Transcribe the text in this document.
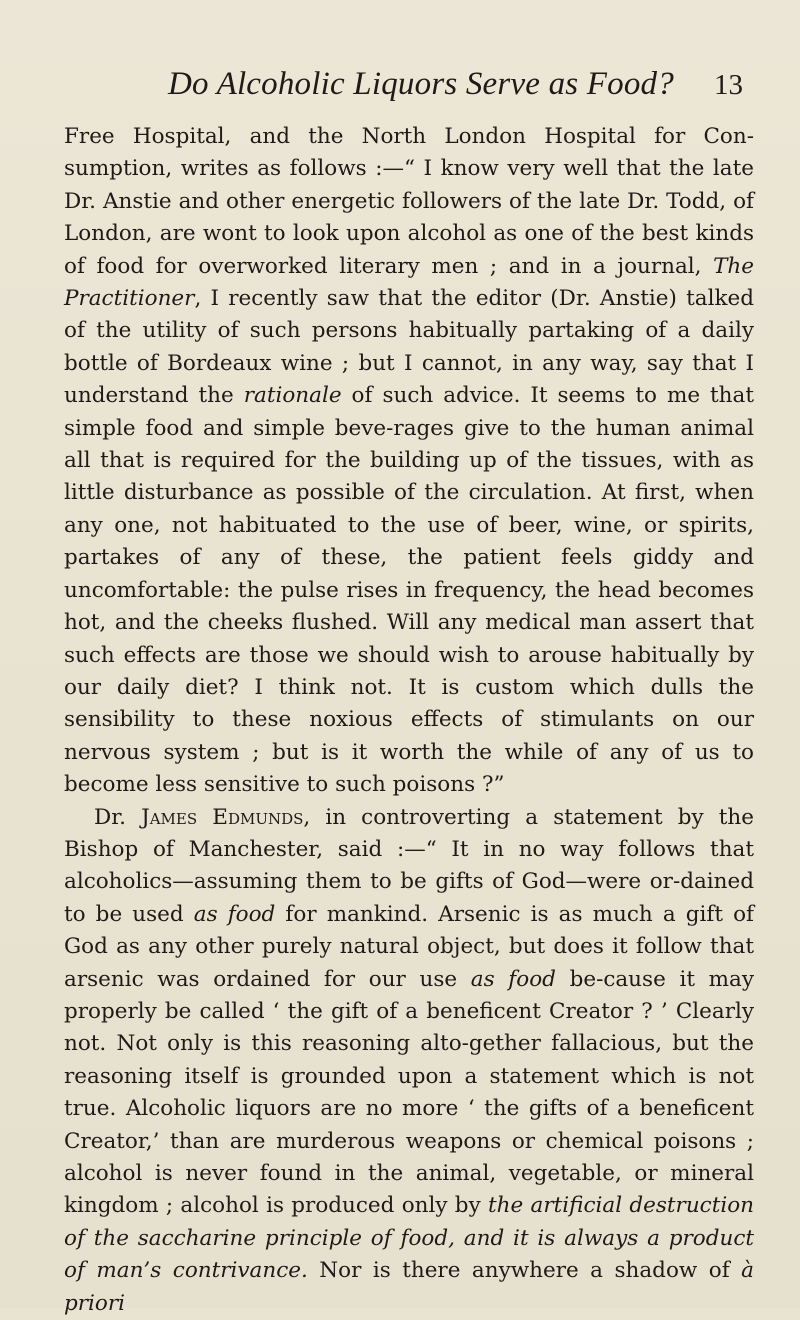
Do Alcoholic Liquors Serve as Food? 13

Free Hospital, and the North London Hospital for Con-sumption, writes as follows :—“ I know very well that the late Dr. Anstie and other energetic followers of the late Dr. Todd, of London, are wont to look upon alcohol as one of the best kinds of food for overworked literary men ; and in a journal, The Practitioner, I recently saw that the editor (Dr. Anstie) talked of the utility of such persons habitually partaking of a daily bottle of Bordeaux wine ; but I cannot, in any way, say that I understand the rationale of such advice. It seems to me that simple food and simple beve-rages give to the human animal all that is required for the building up of the tissues, with as little disturbance as possible of the circulation. At first, when any one, not habituated to the use of beer, wine, or spirits, partakes of any of these, the patient feels giddy and uncomfortable: the pulse rises in frequency, the head becomes hot, and the cheeks flushed. Will any medical man assert that such effects are those we should wish to arouse habitually by our daily diet? I think not. It is custom which dulls the sensibility to these noxious effects of stimulants on our nervous system ; but is it worth the while of any of us to become less sensitive to such poisons ?”

Dr. James Edmunds, in controverting a statement by the Bishop of Manchester, said :—“ It in no way follows that alcoholics—assuming them to be gifts of God—were or-dained to be used as food for mankind. Arsenic is as much a gift of God as any other purely natural object, but does it follow that arsenic was ordained for our use as food be-cause it may properly be called ‘ the gift of a beneficent Creator ? ’ Clearly not. Not only is this reasoning alto-gether fallacious, but the reasoning itself is grounded upon a statement which is not true. Alcoholic liquors are no more ‘ the gifts of a beneficent Creator,’ than are murderous weapons or chemical poisons ; alcohol is never found in the animal, vegetable, or mineral kingdom ; alcohol is produced only by the artificial destruction of the saccharine principle of food, and it is always a product of man’s contrivance. Nor is there anywhere a shadow of à priori
